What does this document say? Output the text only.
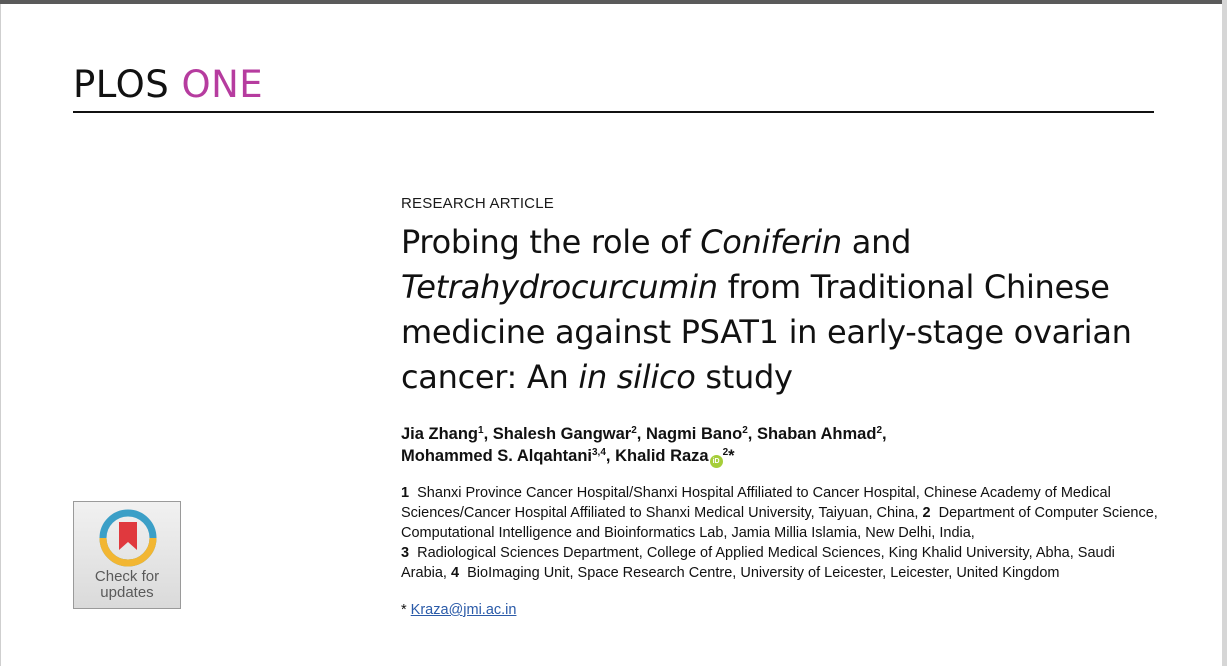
PLOS ONE
RESEARCH ARTICLE
Probing the role of Coniferin and
Tetrahydrocurcumin from Traditional Chinese medicine against PSAT1 in early-stage ovarian cancer: An in silico study
Jia Zhang$^1$, Shalesh Gangwar$^2$, Nagmi Bano$^2$, Shaban Ahmad$^2$,
Mohammed S. Alqahtani$^{3,4}$, Khalid Raza $iD^2*$
1 Shanxi Province Cancer Hospital/Shanxi Hospital Affiliated to Cancer Hospital, Chinese Academy of Medical Sciences/Cancer Hospital Affiliated to Shanxi Medical University, Taiyuan, China, 2 Department of Computer Science, Computational Intelligence and Bioinformatics Lab, Jamia Millia Islamia, New Delhi, India,
3 Radiological Sciences Department, College of Applied Medical Sciences, King Khalid University, Abha, Saudi Arabia, 4 BioImaging Unit, Space Research Centre, University of Leicester, Leicester, United Kingdom
* Kraza@jmi.ac.in
Check for
updates
